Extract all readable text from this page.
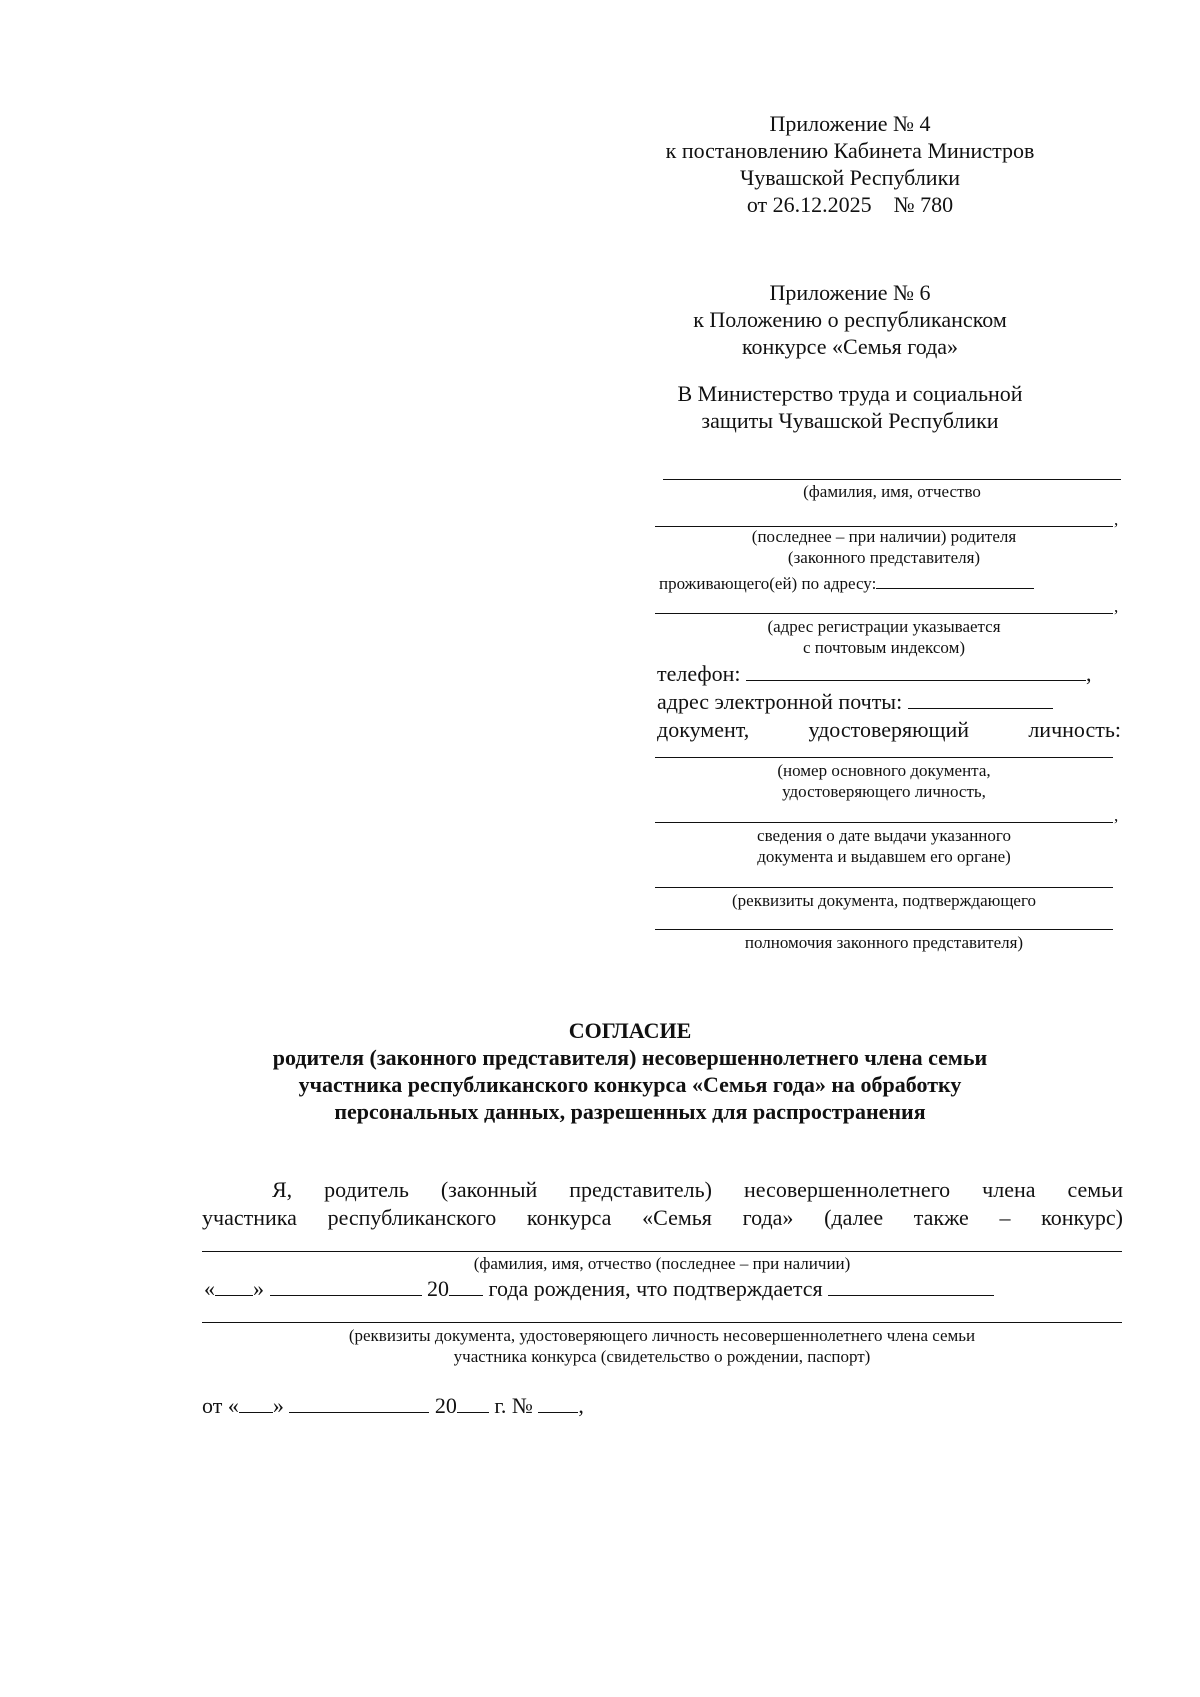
Приложение № 4
к постановлению Кабинета Министров
Чувашской Республики
от 26.12.2025    № 780
Приложение № 6
к Положению о республиканском
конкурсе «Семья года»
В Министерство труда и социальной
защиты Чувашской Республики
(фамилия, имя, отчество
,
(последнее – при наличии) родителя
(законного представителя)
проживающего(ей) по адресу:
,
(адрес регистрации указывается
с почтовым индексом)
телефон:	,
адрес электронной почты:
документ,	удостоверяющий	личность:
(номер основного документа,
удостоверяющего личность,
,
сведения о дате выдачи указанного
документа и выдавшем его органе)
(реквизиты документа, подтверждающего
полномочия законного представителя)
СОГЛАСИЕ
родителя (законного представителя) несовершеннолетнего члена семьи
участника республиканского конкурса «Семья года» на обработку
персональных данных, разрешенных для распространения
Я, родитель (законный представитель) несовершеннолетнего члена семьи
участника республиканского конкурса «Семья года» (далее также – конкурс)
(фамилия, имя, отчество (последнее – при наличии)
« »	20 года рождения, что подтверждается
(реквизиты документа, удостоверяющего личность несовершеннолетнего члена семьи
участника конкурса (свидетельство о рождении, паспорт)
от « »	20 г. № ,
